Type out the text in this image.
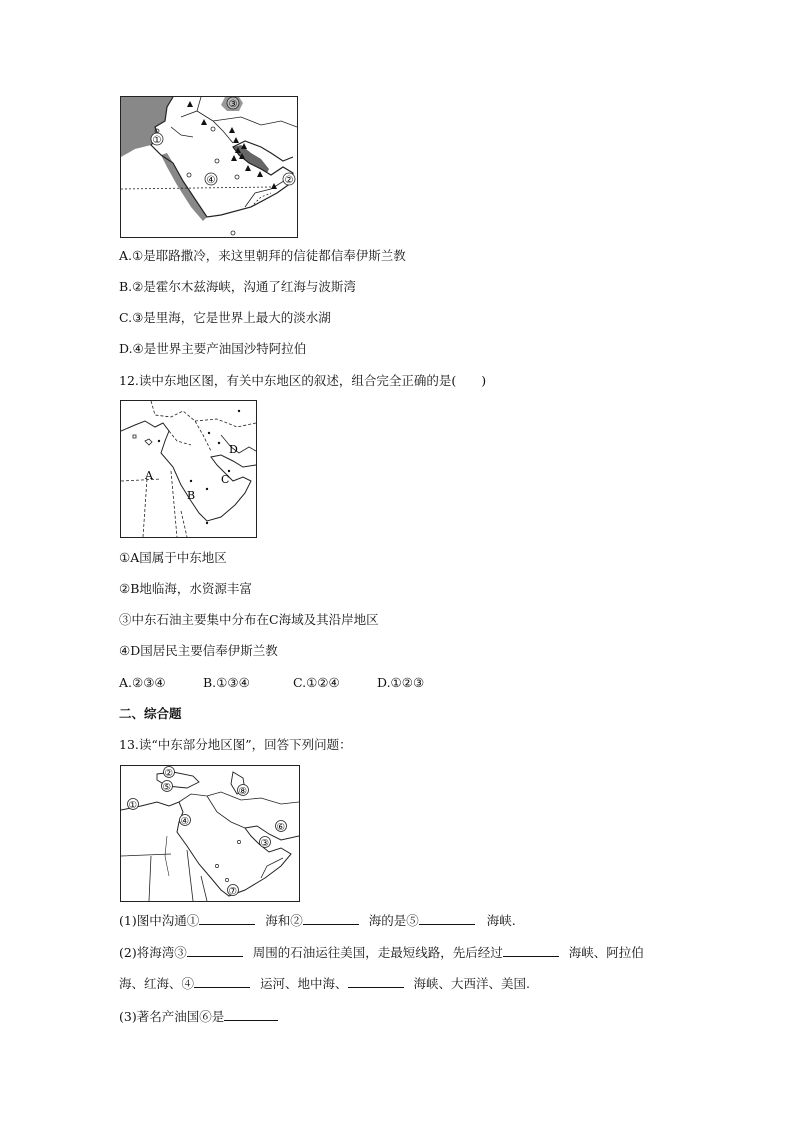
③
①
②
④
A.①是耶路撒冷，来这里朝拜的信徒都信奉伊斯兰教
B.②是霍尔木兹海峡，沟通了红海与波斯湾
C.③是里海，它是世界上最大的淡水湖
D.④是世界主要产油国沙特阿拉伯
12.读中东地区图，有关中东地区的叙述，组合完全正确的是(　　)
A
B
C
D
①A国属于中东地区
②B地临海，水资源丰富
③中东石油主要集中分布在C海域及其沿岸地区
④D国居民主要信奉伊斯兰教
A.②③④	B.①③④	C.①②④	D.①②③
二、综合题
13.读“中东部分地区图”，回答下列问题：
②
⑤
①
⑧
④
③
⑥
⑦
(1)图中沟通①	海和②	海的是⑤	海峡.
(2)将海湾③	周围的石油运往美国，走最短线路，先后经过	海峡、阿拉伯
海、红海、④	运河、地中海、	海峡、大西洋、美国.
(3)著名产油国⑥是
